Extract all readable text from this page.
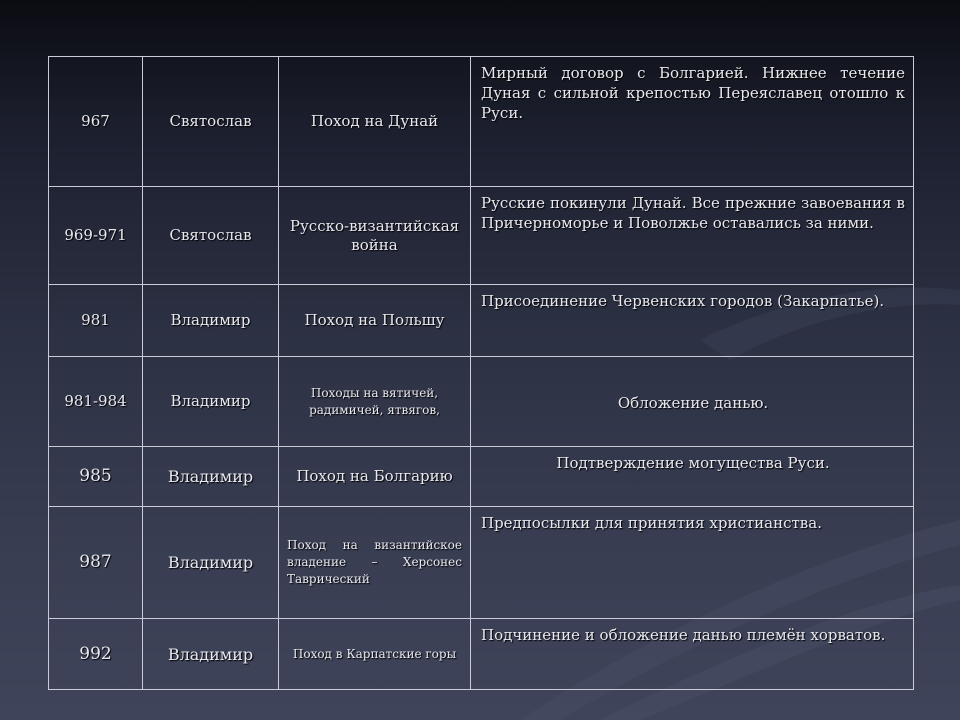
967	Святослав	Поход на Дунай	Мирный договор с Болгарией. Нижнее течение Дуная с сильной крепостью Переяславец отошло к Руси.
969-971	Святослав	Русско-византийская война	Русские покинули Дунай. Все прежние завоевания в Причерноморье и Поволжье оставались за ними.
981	Владимир	Поход на Польшу	Присоединение Червенских городов (Закарпатье).
981-984	Владимир	Походы на вятичей, радимичей, ятвягов,	Обложение данью.
985	Владимир	Поход на Болгарию	Подтверждение могущества Руси.
987	Владимир	Поход на византийское владение – Херсонес Таврический	Предпосылки для принятия христианства.
992	Владимир	Поход в Карпатские горы	Подчинение и обложение данью племён хорватов.
